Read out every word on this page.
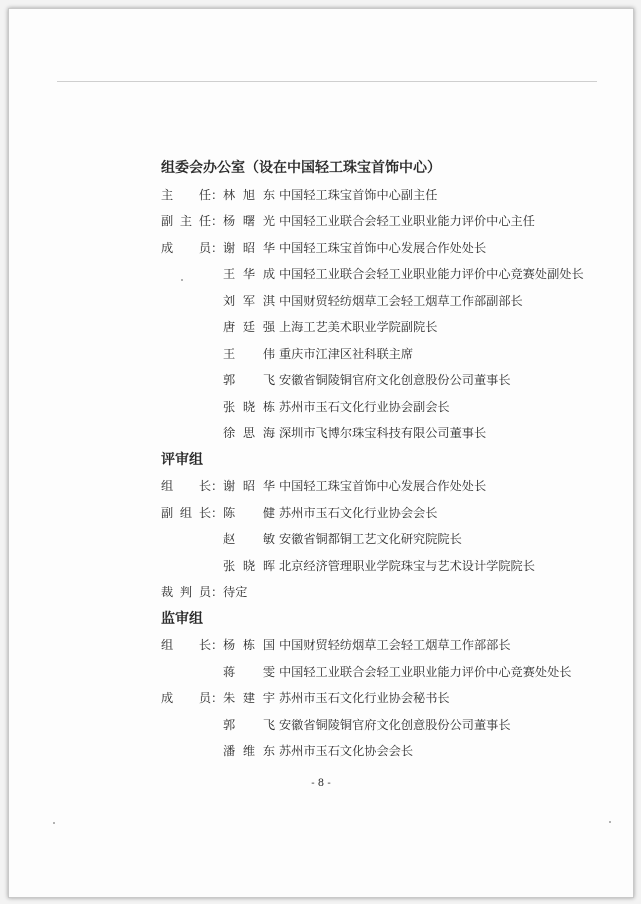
组委会办公室（设在中国轻工珠宝首饰中心）
主 任 ： 林 旭 东 中国轻工珠宝首饰中心副主任
副 主 任 ： 杨 曙 光 中国轻工业联合会轻工业职业能力评价中心主任
成 员 ： 谢 昭 华 中国轻工珠宝首饰中心发展合作处处长
王 华 成 中国轻工业联合会轻工业职业能力评价中心竞赛处副处长
刘 军 淇 中国财贸轻纺烟草工会轻工烟草工作部副部长
唐 廷 强 上海工艺美术职业学院副院长
王 伟 重庆市江津区社科联主席
郭 飞 安徽省铜陵铜官府文化创意股份公司董事长
张 晓 栋 苏州市玉石文化行业协会副会长
徐 思 海 深圳市飞博尔珠宝科技有限公司董事长
评审组
组 长 ： 谢 昭 华 中国轻工珠宝首饰中心发展合作处处长
副 组 长 ： 陈 健 苏州市玉石文化行业协会会长
赵 敏 安徽省铜都铜工艺文化研究院院长
张 晓 晖 北京经济管理职业学院珠宝与艺术设计学院院长
裁 判 员 ： 待 定
监审组
组 长 ： 杨 栋 国 中国财贸轻纺烟草工会轻工烟草工作部部长
蒋 雯 中国轻工业联合会轻工业职业能力评价中心竞赛处处长
成 员 ： 朱 建 宇 苏州市玉石文化行业协会秘书长
郭 飞 安徽省铜陵铜官府文化创意股份公司董事长
潘 维 东 苏州市玉石文化协会会长
- 8 -
